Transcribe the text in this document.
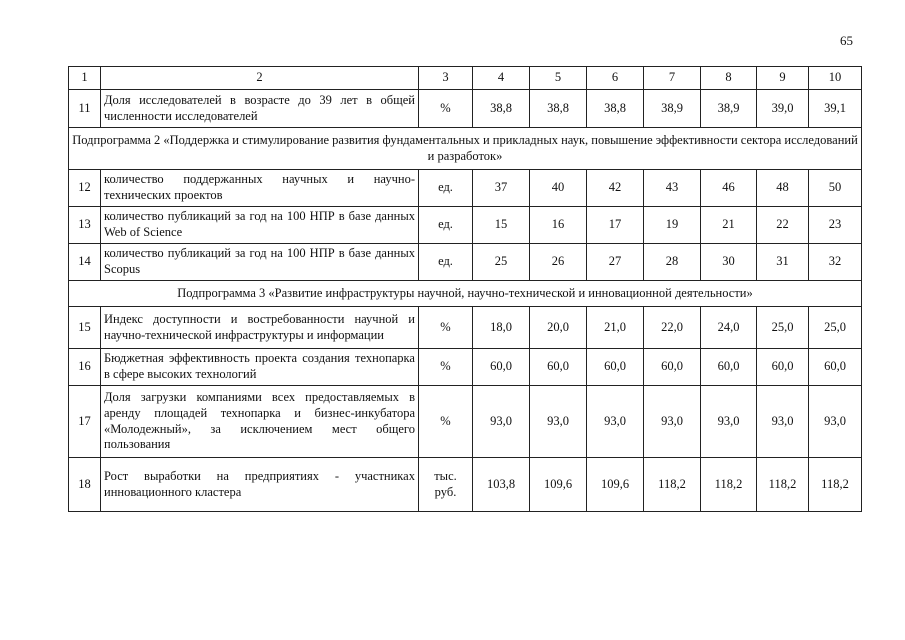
65
1	2	3	4	5	6	7	8	9	10
11	Доля исследователей в возрасте до 39 лет в общей численности исследователей	%	38,8	38,8	38,8	38,9	38,9	39,0	39,1
Подпрограмма 2 «Поддержка и стимулирование развития фундаментальных и прикладных наук, повышение эффективности сектора исследований и разработок»									
12	количество поддержанных научных и научно-технических проектов	ед.	37	40	42	43	46	48	50
13	количество публикаций за год на 100 НПР в базе данных Web of Science	ед.	15	16	17	19	21	22	23
14	количество публикаций за год на 100 НПР в базе данных Scopus	ед.	25	26	27	28	30	31	32
Подпрограмма 3 «Развитие инфраструктуры научной, научно-технической и инновационной деятельности»									
15	Индекс доступности и востребованности научной и научно-технической инфраструктуры и информации	%	18,0	20,0	21,0	22,0	24,0	25,0	25,0
16	Бюджетная эффективность проекта создания технопарка в сфере высоких технологий	%	60,0	60,0	60,0	60,0	60,0	60,0	60,0
17	Доля загрузки компаниями всех предоставляемых в аренду площадей технопарка и бизнес-инкубатора «Молодежный», за исключением мест общего пользования	%	93,0	93,0	93,0	93,0	93,0	93,0	93,0
18	Рост выработки на предприятиях - участниках инновационного кластера	тыс. руб.	103,8	109,6	109,6	118,2	118,2	118,2	118,2
